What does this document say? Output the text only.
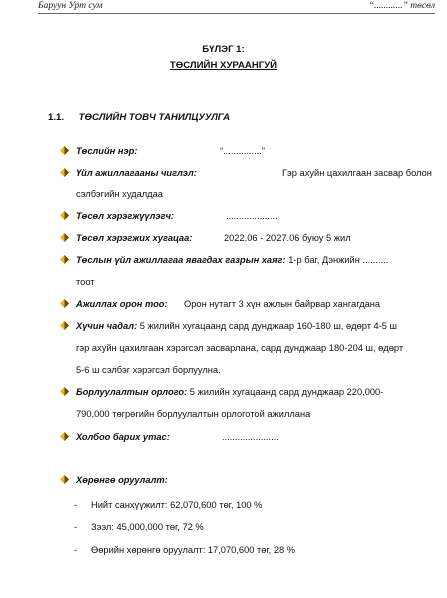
Баруун Урт сум	“............” төсөл
БҮЛЭГ 1:
ТӨСЛИЙН ХУРААНГУЙ
1.1. ТӨСЛИЙН ТОВЧ ТАНИЛЦУУЛГА
Төслийн нэр:	“...............”
Үйл ажиллагааны чиглэл:	Гэр ахуйн цахилгаан засвар болон
сэлбэгийн худалдаа
Төсөл хэрэгжүүлэгч:	....................
Төсөл хэрэгжих хугацаа:	2022.06 - 2027.06 буюу 5 жил
Төслын үйл ажиллагаа явагдах газрын хаяг: 1-р баг, Дэнжийн ..........
тоот
Ажиллах орон тоо: Орон нутагт 3 хүн ажлын байрвар хангагдана
Хүчин чадал: 5 жилийн хугацаанд сард дунджаар 160-180 ш, өдөрт 4-5 ш
гэр ахуйн цахилгаан хэрэгсэл засварлана, сард дунджаар 180-204 ш, өдөрт
5-6 ш сэлбэг хэрэгсэл борлуулна.
Борлуулалтын орлого: 5 жилийн хугацаанд сард дунджаар 220,000-
790,000 төгрөгийн борлуулалтын орлоготой ажиллана
Холбоо барих утас:	......................
Хөрөнгө оруулалт:
- Нийт санхүүжилт: 62,070,600 төг, 100 %
- Зээл: 45,000,000 төг, 72 %
- Өөрийн хөрөнгө оруулалт: 17,070,600 төг, 28 %
